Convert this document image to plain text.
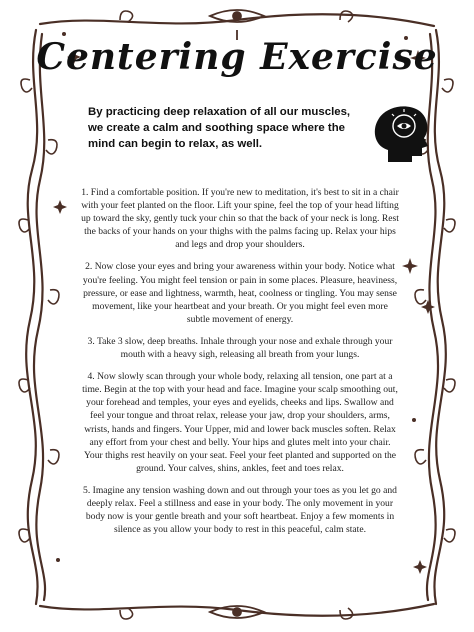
Centering Exercise
By practicing deep relaxation of all our muscles, we create a calm and soothing space where the mind can begin to relax, as well.

1. Find a comfortable position. If you're new to meditation, it's best to sit in a chair with your feet planted on the floor. Lift your spine, feel the top of your head lifting up toward the sky, gently tuck your chin so that the back of your neck is long. Rest the backs of your hands on your thighs with the palms facing up. Relax your hips and legs and drop your shoulders.

2. Now close your eyes and bring your awareness within your body. Notice what you're feeling. You might feel tension or pain in some places. Pleasure, heaviness, pressure, or ease and lightness, warmth, heat, coolness or tingling. You may sense movement, like your heartbeat and your breath. Or you might feel even more subtle movement of energy.

3. Take 3 slow, deep breaths. Inhale through your nose and exhale through your mouth with a heavy sigh, releasing all breath from your lungs.

4. Now slowly scan through your whole body, relaxing all tension, one part at a time. Begin at the top with your head and face. Imagine your scalp smoothing out, your forehead and temples, your eyes and eyelids, cheeks and lips. Swallow and feel your tongue and throat relax, release your jaw, drop your shoulders, arms, wrists, hands and fingers. Your Upper, mid and lower back muscles soften. Relax any effort from your chest and belly. Your hips and glutes melt into your chair. Your thighs rest heavily on your seat. Feel your feet planted and supported on the ground. Your calves, shins, ankles, feet and toes relax.

5. Imagine any tension washing down and out through your toes as you let go and deeply relax. Feel a stillness and ease in your body. The only movement in your body now is your gentle breath and your soft heartbeat. Enjoy a few moments in silence as you allow your body to rest in this peaceful, calm state.
